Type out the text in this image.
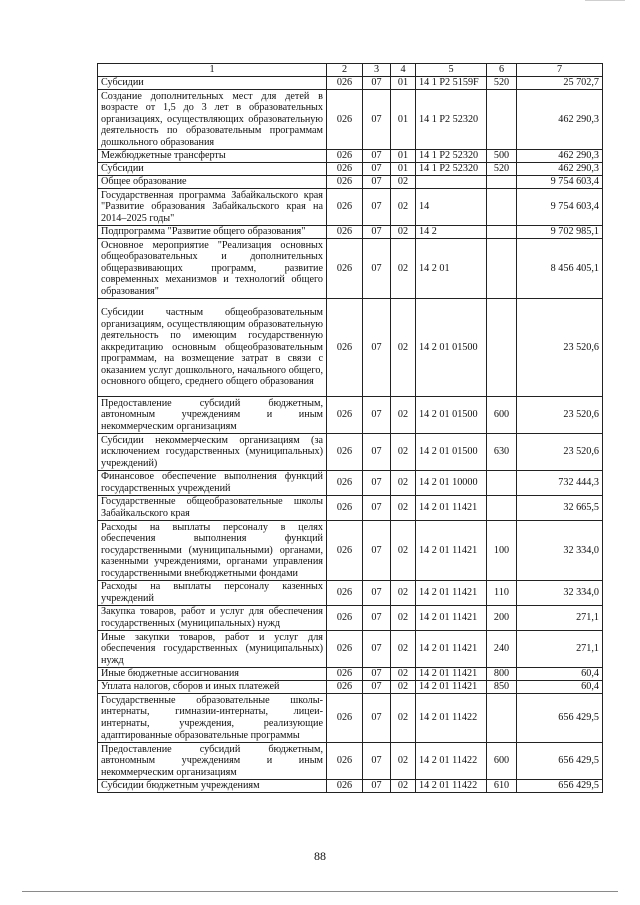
1	2	3	4	5	6	7
Субсидии	026	07	01	14 1 P2 5159F	520	25 702,7
Создание дополнительных мест для детей в возрасте от 1,5 до 3 лет в образовательных организациях, осуществляющих образовательную деятельность по образовательным программам дошкольного образования	026	07	01	14 1 P2 52320		462 290,3
Межбюджетные трансферты	026	07	01	14 1 P2 52320	500	462 290,3
Субсидии	026	07	01	14 1 P2 52320	520	462 290,3
Общее образование	026	07	02			9 754 603,4
Государственная программа Забайкальского края "Развитие образования Забайкальского края на 2014–2025 годы"	026	07	02	14		9 754 603,4
Подпрограмма "Развитие общего образования"	026	07	02	14 2		9 702 985,1
Основное мероприятие "Реализация основных общеобразовательных и дополнительных общеразвивающих программ, развитие современных механизмов и технологий общего образования"	026	07	02	14 2 01		8 456 405,1
Субсидии частным общеобразовательным организациям, осуществляющим образовательную деятельность по имеющим государственную аккредитацию основным общеобразовательным программам, на возмещение затрат в связи с оказанием услуг дошкольного, начального общего, основного общего, среднего общего образования	026	07	02	14 2 01 01500		23 520,6
Предоставление субсидий бюджетным, автономным учреждениям и иным некоммерческим организациям	026	07	02	14 2 01 01500	600	23 520,6
Субсидии некоммерческим организациям (за исключением государственных (муниципальных) учреждений)	026	07	02	14 2 01 01500	630	23 520,6
Финансовое обеспечение выполнения функций государственных учреждений	026	07	02	14 2 01 10000		732 444,3
Государственные общеобразовательные школы Забайкальского края	026	07	02	14 2 01 11421		32 665,5
Расходы на выплаты персоналу в целях обеспечения выполнения функций государственными (муниципальными) органами, казенными учреждениями, органами управления государственными внебюджетными фондами	026	07	02	14 2 01 11421	100	32 334,0
Расходы на выплаты персоналу казенных учреждений	026	07	02	14 2 01 11421	110	32 334,0
Закупка товаров, работ и услуг для обеспечения государственных (муниципальных) нужд	026	07	02	14 2 01 11421	200	271,1
Иные закупки товаров, работ и услуг для обеспечения государственных (муниципальных) нужд	026	07	02	14 2 01 11421	240	271,1
Иные бюджетные ассигнования	026	07	02	14 2 01 11421	800	60,4
Уплата налогов, сборов и иных платежей	026	07	02	14 2 01 11421	850	60,4
Государственные образовательные школы-интернаты, гимназии-интернаты, лицеи-интернаты, учреждения, реализующие адаптированные образовательные программы	026	07	02	14 2 01 11422		656 429,5
Предоставление субсидий бюджетным, автономным учреждениям и иным некоммерческим организациям	026	07	02	14 2 01 11422	600	656 429,5
Субсидии бюджетным учреждениям	026	07	02	14 2 01 11422	610	656 429,5
88
